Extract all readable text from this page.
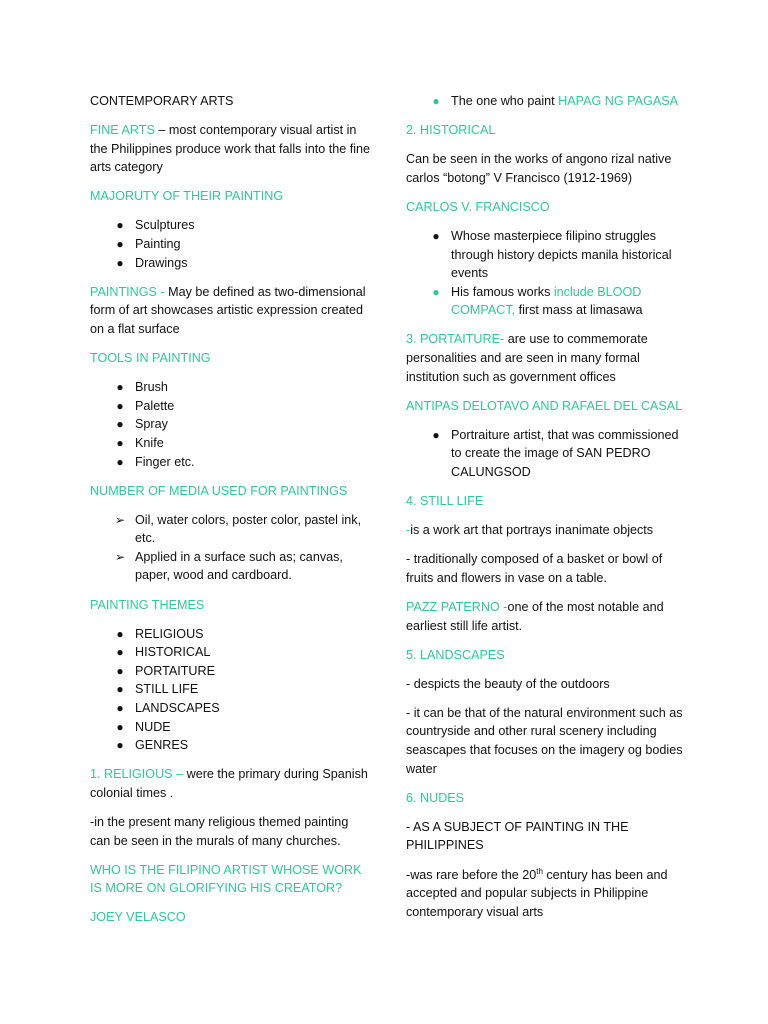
CONTEMPORARY ARTS

FINE ARTS – most contemporary visual artist in the Philippines produce work that falls into the fine arts category

MAJORUTY OF THEIR PAINTING

● Sculptures
● Painting
● Drawings

PAINTINGS - May be defined as two-dimensional form of art showcases artistic expression created on a flat surface

TOOLS IN PAINTING

● Brush
● Palette
● Spray
● Knife
● Finger etc.

NUMBER OF MEDIA USED FOR PAINTINGS

➢ Oil, water colors, poster color, pastel ink, etc.
➢ Applied in a surface such as; canvas, paper, wood and cardboard.

PAINTING THEMES

● RELIGIOUS
● HISTORICAL
● PORTAITURE
● STILL LIFE
● LANDSCAPES
● NUDE
● GENRES

1. RELIGIOUS – were the primary during Spanish colonial times .

-in the present many religious themed painting can be seen in the murals of many churches.

WHO IS THE FILIPINO ARTIST WHOSE WORK IS MORE ON GLORIFYING HIS CREATOR?

JOEY VELASCO

● The one who paint HAPAG NG PAGASA

2. HISTORICAL

Can be seen in the works of angono rizal native carlos “botong” V Francisco (1912-1969)

CARLOS V. FRANCISCO

● Whose masterpiece filipino struggles through history depicts manila historical events
● His famous works include BLOOD COMPACT, first mass at limasawa

3. PORTAITURE- are use to commemorate personalities and are seen in many formal institution such as government offices

ANTIPAS DELOTAVO AND RAFAEL DEL CASAL

● Portraiture artist, that was commissioned to create the image of SAN PEDRO CALUNGSOD

4. STILL LIFE

-is a work art that portrays inanimate objects

- traditionally composed of a basket or bowl of fruits and flowers in vase on a table.

PAZZ PATERNO -one of the most notable and earliest still life artist.

5. LANDSCAPES

- despicts the beauty of the outdoors

- it can be that of the natural environment such as countryside and other rural scenery including seascapes that focuses on the imagery og bodies water

6. NUDES

- AS A SUBJECT OF PAINTING IN THE PHILIPPINES

-was rare before the 20th century has been and accepted and popular subjects in Philippine contemporary visual arts
